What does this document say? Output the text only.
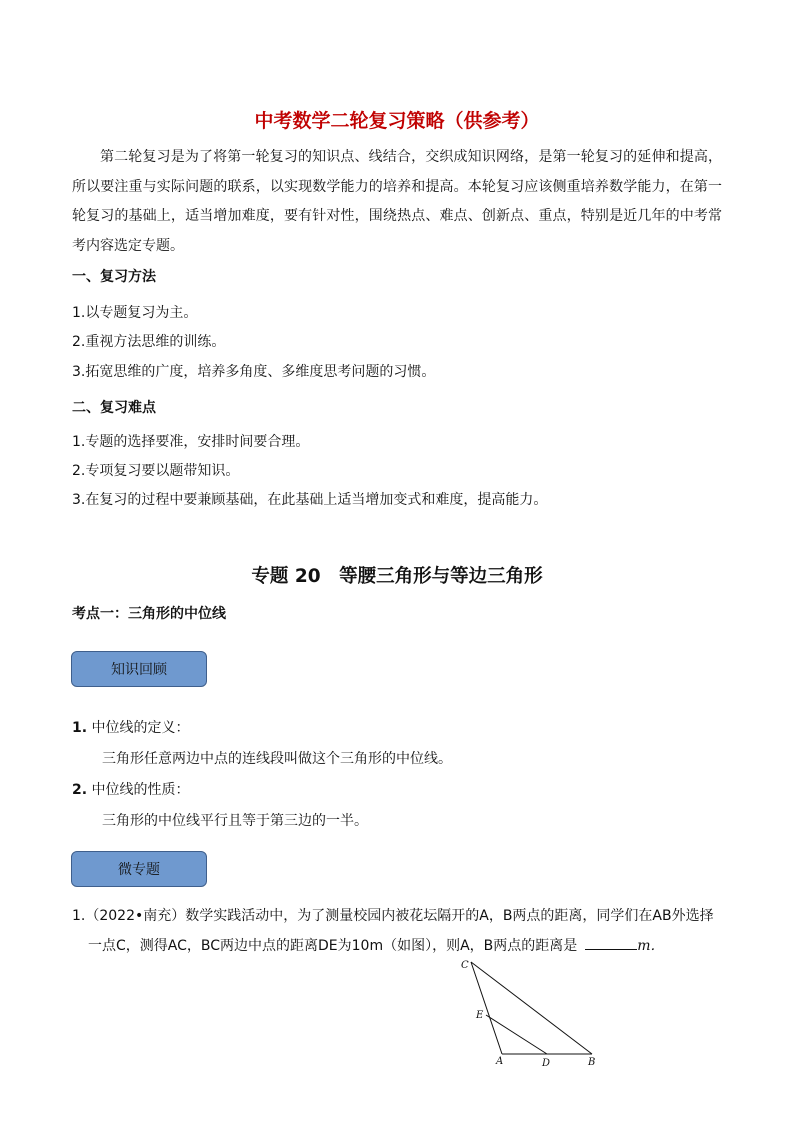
中考数学二轮复习策略（供参考）
第二轮复习是为了将第一轮复习的知识点、线结合，交织成知识网络，是第一轮复习的延伸和提高，所以要注重与实际问题的联系，以实现数学能力的培养和提高。本轮复习应该侧重培养数学能力，在第一轮复习的基础上，适当增加难度，要有针对性，围绕热点、难点、创新点、重点，特别是近几年的中考常考内容选定专题。
一、复习方法
1.以专题复习为主。
2.重视方法思维的训练。
3.拓宽思维的广度，培养多角度、多维度思考问题的习惯。
二、复习难点
1.专题的选择要准，安排时间要合理。
2.专项复习要以题带知识。
3.在复习的过程中要兼顾基础，在此基础上适当增加变式和难度，提高能力。
专题 20　等腰三角形与等边三角形
考点一：三角形的中位线
知识回顾
1. 中位线的定义：
三角形任意两边中点的连线段叫做这个三角形的中位线。
2. 中位线的性质：
三角形的中位线平行且等于第三边的一半。
微专题
1.（2022•南充）数学实践活动中，为了测量校园内被花坛隔开的A，B两点的距离，同学们在AB外选择
一点C，测得AC，BC两边中点的距离DE为10m（如图），则A，B两点的距离是	m．
C
E
A	D	B
